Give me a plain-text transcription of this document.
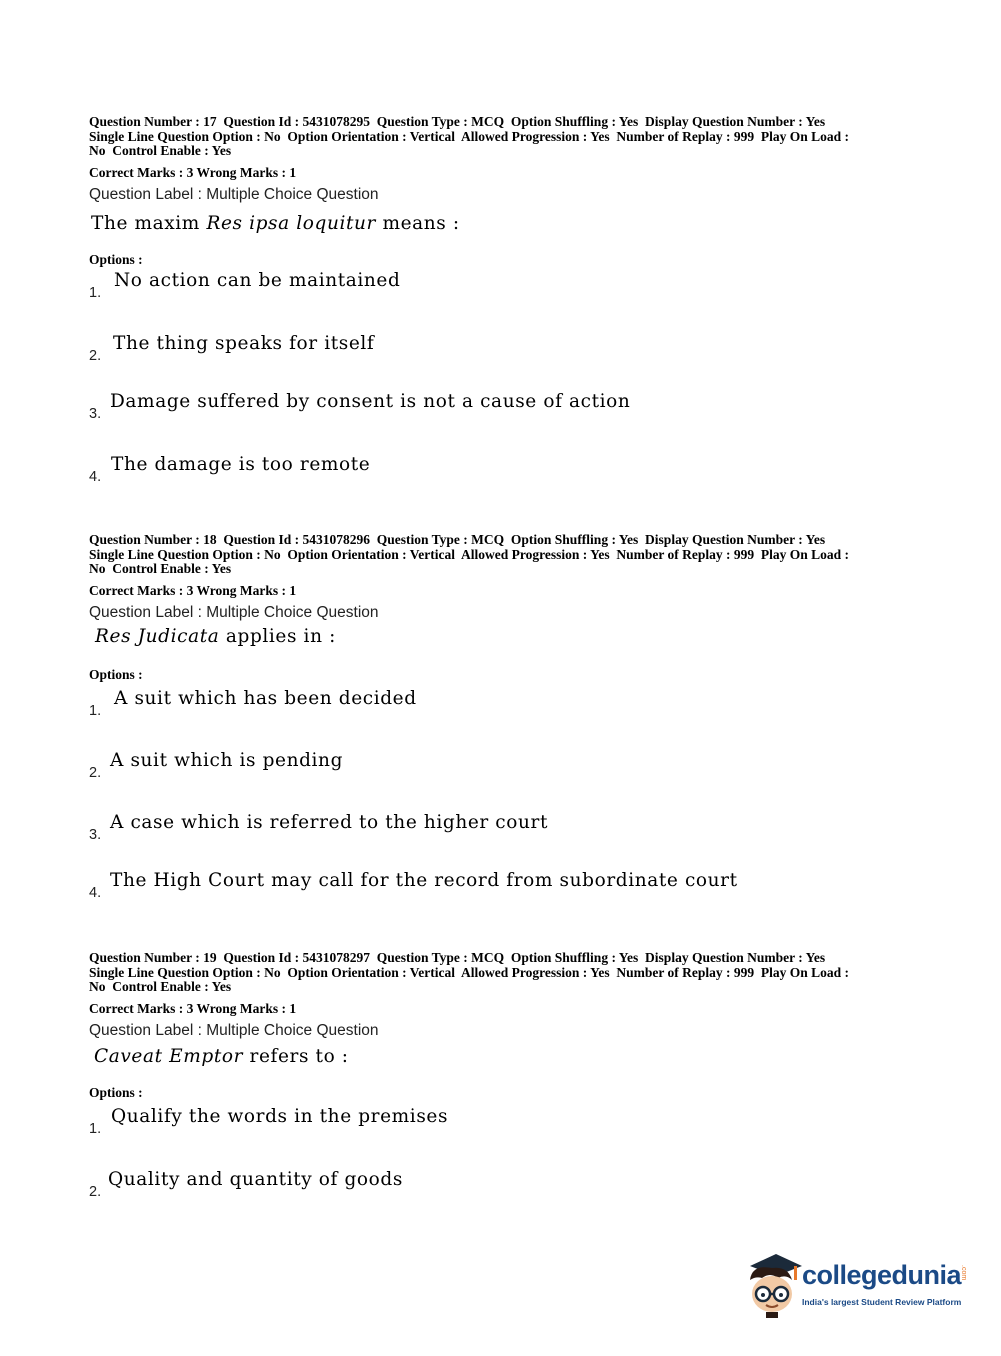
Question Number : 17  Question Id : 5431078295  Question Type : MCQ  Option Shuffling : Yes  Display Question Number : Yes
Single Line Question Option : No  Option Orientation : Vertical  Allowed Progression : Yes  Number of Replay : 999  Play On Load :
No  Control Enable : Yes
Correct Marks : 3 Wrong Marks : 1
Question Label : Multiple Choice Question
The maxim Res ipsa loquitur means :
Options :
1.
No action can be maintained
2.
The thing speaks for itself
3.
Damage suffered by consent is not a cause of action
4.
The damage is too remote
Question Number : 18  Question Id : 5431078296  Question Type : MCQ  Option Shuffling : Yes  Display Question Number : Yes
Single Line Question Option : No  Option Orientation : Vertical  Allowed Progression : Yes  Number of Replay : 999  Play On Load :
No  Control Enable : Yes
Correct Marks : 3 Wrong Marks : 1
Question Label : Multiple Choice Question
Res Judicata applies in :
Options :
1.
A suit which has been decided
2.
A suit which is pending
3.
A case which is referred to the higher court
4.
The High Court may call for the record from subordinate court
Question Number : 19  Question Id : 5431078297  Question Type : MCQ  Option Shuffling : Yes  Display Question Number : Yes
Single Line Question Option : No  Option Orientation : Vertical  Allowed Progression : Yes  Number of Replay : 999  Play On Load :
No  Control Enable : Yes
Correct Marks : 3 Wrong Marks : 1
Question Label : Multiple Choice Question
Caveat Emptor refers to :
Options :
1.
Qualify the words in the premises
2.
Quality and quantity of goods
collegedunia
.com
India's largest Student Review Platform
